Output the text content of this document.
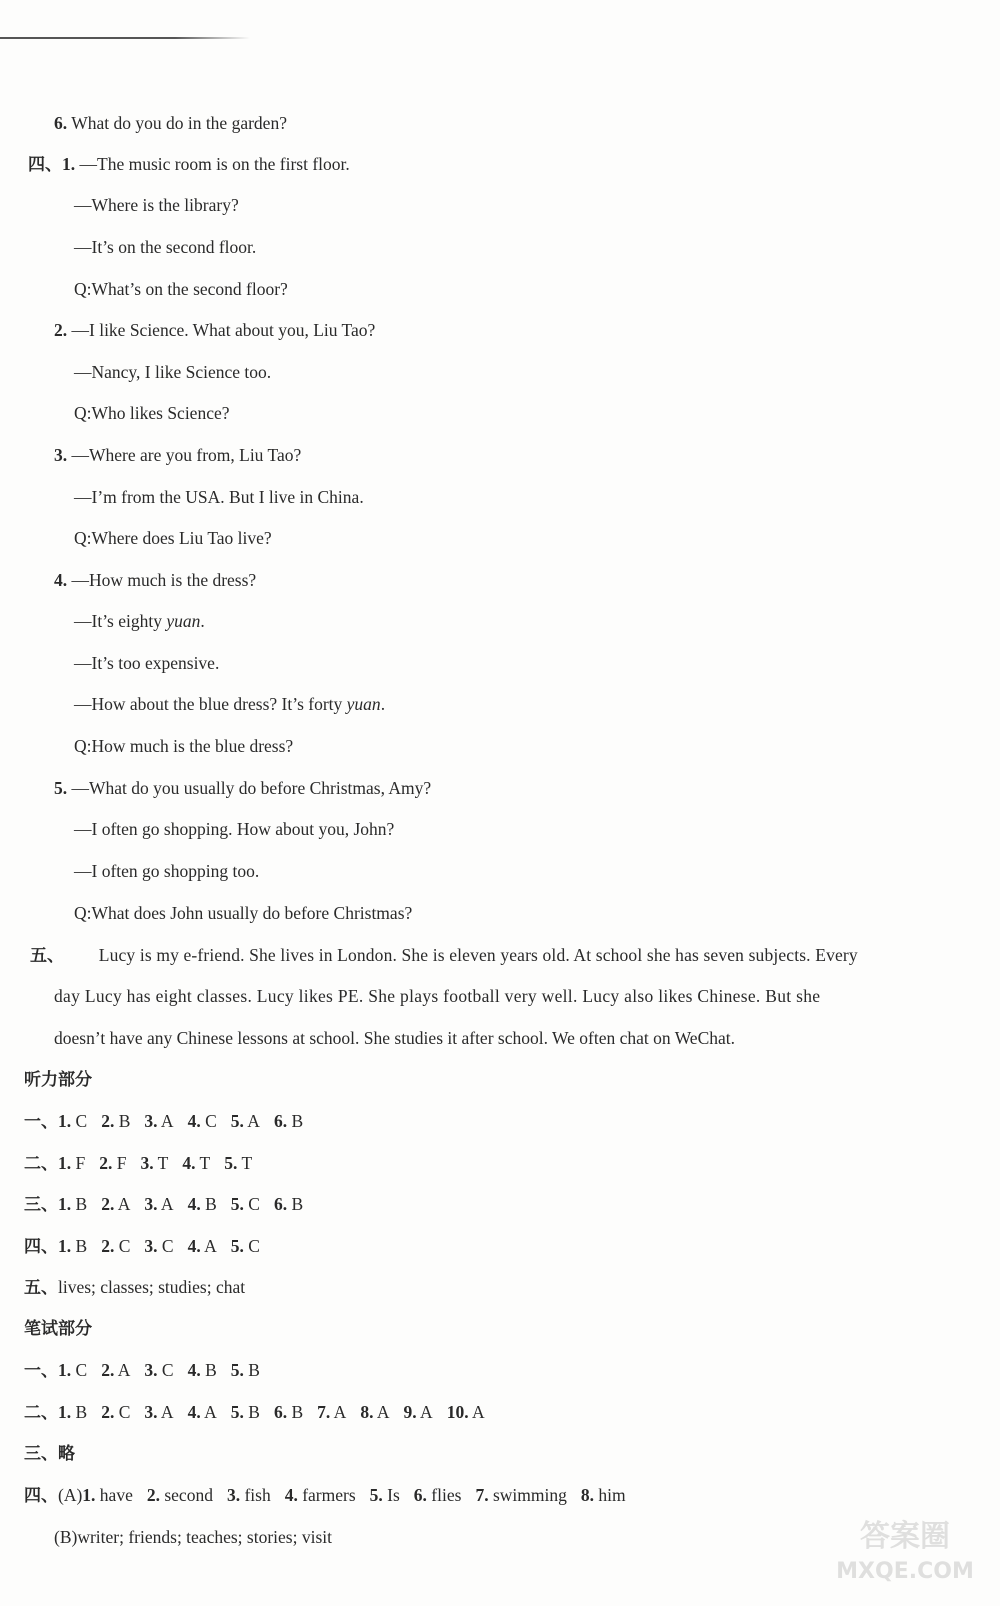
6. What do you do in the garden?
四、1. —The music room is on the first floor.
—Where is the library?
—It’s on the second floor.
Q:What’s on the second floor?
2. —I like Science. What about you, Liu Tao?
—Nancy, I like Science too.
Q:Who likes Science?
3. —Where are you from, Liu Tao?
—I’m from the USA. But I live in China.
Q:Where does Liu Tao live?
4. —How much is the dress?
—It’s eighty yuan.
—It’s too expensive.
—How about the blue dress? It’s forty yuan.
Q:How much is the blue dress?
5. —What do you usually do before Christmas, Amy?
—I often go shopping. How about you, John?
—I often go shopping too.
Q:What does John usually do before Christmas?
五、 Lucy is my e-friend. She lives in London. She is eleven years old. At school she has seven subjects. Every
day Lucy has eight classes. Lucy likes PE. She plays football very well. Lucy also likes Chinese. But she
doesn’t have any Chinese lessons at school. She studies it after school. We often chat on WeChat.
听力部分
一、1. C 2. B 3. A 4. C 5. A 6. B
二、1. F 2. F 3. T 4. T 5. T
三、1. B 2. A 3. A 4. B 5. C 6. B
四、1. B 2. C 3. C 4. A 5. C
五、lives; classes; studies; chat
笔试部分
一、1. C 2. A 3. C 4. B 5. B
二、1. B 2. C 3. A 4. A 5. B 6. B 7. A 8. A 9. A 10. A
三、略
四、(A)1. have 2. second 3. fish 4. farmers 5. Is 6. flies 7. swimming 8. him
(B)writer; friends; teaches; stories; visit	答案圈
MXQE.COM
